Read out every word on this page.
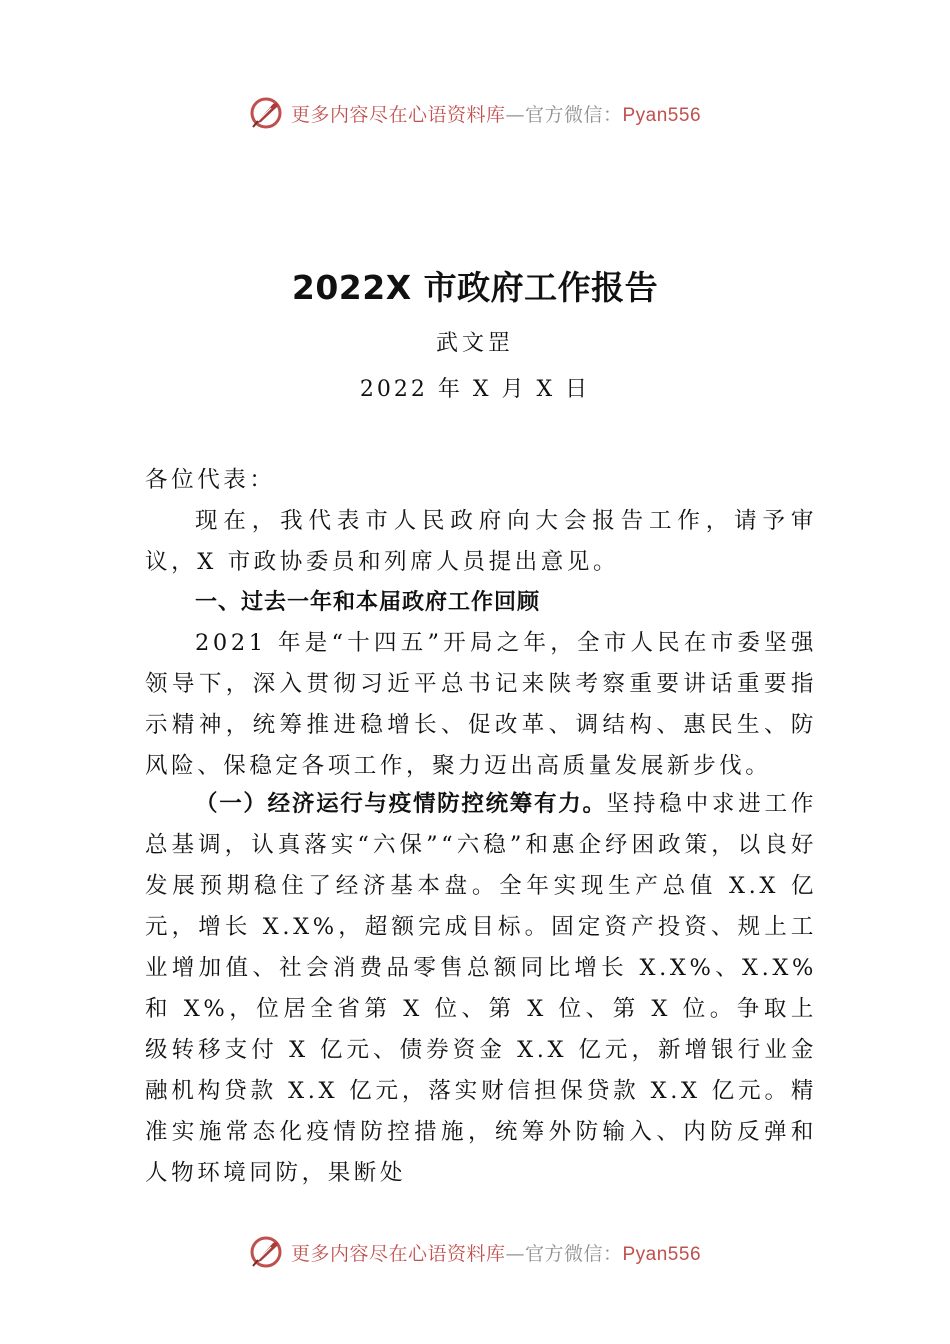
更多内容尽在心语资料库—官方微信：Pyan556
2022X 市政府工作报告
武文罡
2022 年 X 月 X 日
各位代表：
现在，我代表市人民政府向大会报告工作，请予审议，X 市政协委员和列席人员提出意见。
一、过去一年和本届政府工作回顾
2021 年是“十四五”开局之年，全市人民在市委坚强领导下，深入贯彻习近平总书记来陕考察重要讲话重要指示精神，统筹推进稳增长、促改革、调结构、惠民生、防风险、保稳定各项工作，聚力迈出高质量发展新步伐。
（一）经济运行与疫情防控统筹有力。坚持稳中求进工作总基调，认真落实“六保”“六稳”和惠企纾困政策，以良好发展预期稳住了经济基本盘。全年实现生产总值 X.X 亿元，增长 X.X%，超额完成目标。固定资产投资、规上工业增加值、社会消费品零售总额同比增长 X.X%、X.X%和 X%，位居全省第 X 位、第 X 位、第 X 位。争取上级转移支付 X 亿元、债券资金 X.X 亿元，新增银行业金融机构贷款 X.X 亿元，落实财信担保贷款 X.X 亿元。精准实施常态化疫情防控措施，统筹外防输入、内防反弹和人物环境同防，果断处
更多内容尽在心语资料库—官方微信：Pyan556
